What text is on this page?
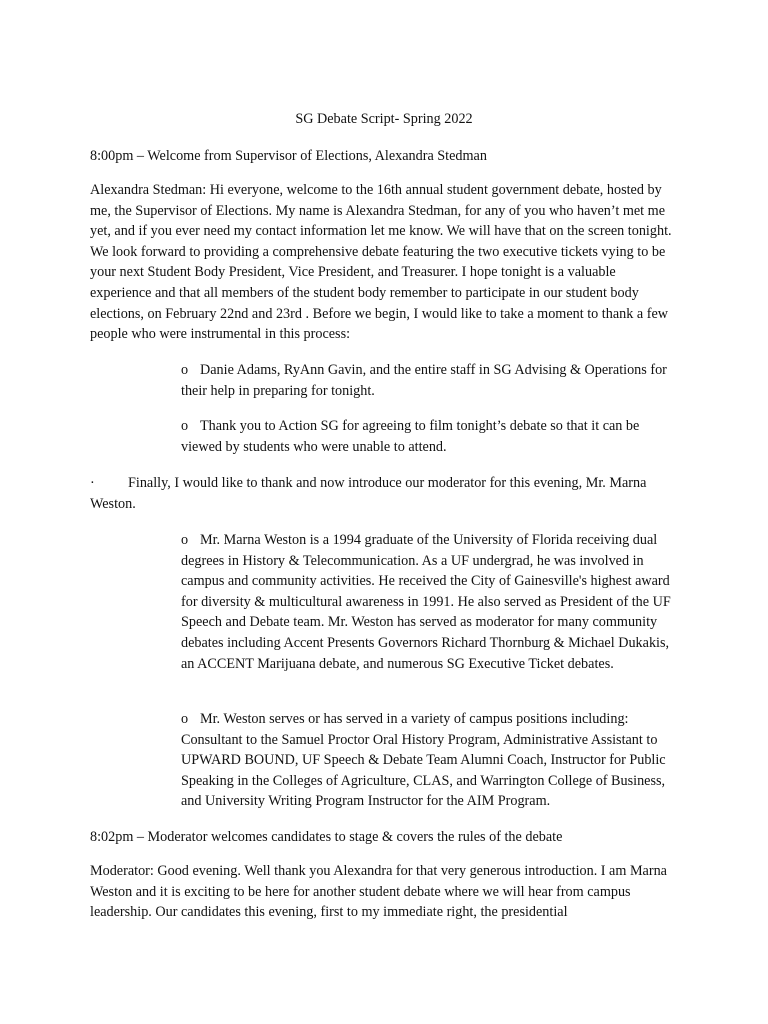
SG Debate Script- Spring 2022

8:00pm – Welcome from Supervisor of Elections, Alexandra Stedman

Alexandra Stedman: Hi everyone, welcome to the 16th annual student government debate, hosted by me, the Supervisor of Elections. My name is Alexandra Stedman, for any of you who haven’t met me yet, and if you ever need my contact information let me know. We will have that on the screen tonight. We look forward to providing a comprehensive debate featuring the two executive tickets vying to be your next Student Body President, Vice President, and Treasurer. I hope tonight is a valuable experience and that all members of the student body remember to participate in our student body elections, on February 22nd and 23rd . Before we begin, I would like to take a moment to thank a few people who were instrumental in this process:

o Danie Adams, RyAnn Gavin, and the entire staff in SG Advising & Operations for their help in preparing for tonight.

o Thank you to Action SG for agreeing to film tonight’s debate so that it can be viewed by students who were unable to attend.

· Finally, I would like to thank and now introduce our moderator for this evening, Mr. Marna Weston.

o Mr. Marna Weston is a 1994 graduate of the University of Florida receiving dual degrees in History & Telecommunication. As a UF undergrad, he was involved in campus and community activities. He received the City of Gainesville's highest award for diversity & multicultural awareness in 1991. He also served as President of the UF Speech and Debate team. Mr. Weston has served as moderator for many community debates including Accent Presents Governors Richard Thornburg & Michael Dukakis, an ACCENT Marijuana debate, and numerous SG Executive Ticket debates.

o Mr. Weston serves or has served in a variety of campus positions including: Consultant to the Samuel Proctor Oral History Program, Administrative Assistant to UPWARD BOUND, UF Speech & Debate Team Alumni Coach, Instructor for Public Speaking in the Colleges of Agriculture, CLAS, and Warrington College of Business, and University Writing Program Instructor for the AIM Program.

8:02pm – Moderator welcomes candidates to stage & covers the rules of the debate

Moderator: Good evening. Well thank you Alexandra for that very generous introduction. I am Marna Weston and it is exciting to be here for another student debate where we will hear from campus leadership. Our candidates this evening, first to my immediate right, the presidential
